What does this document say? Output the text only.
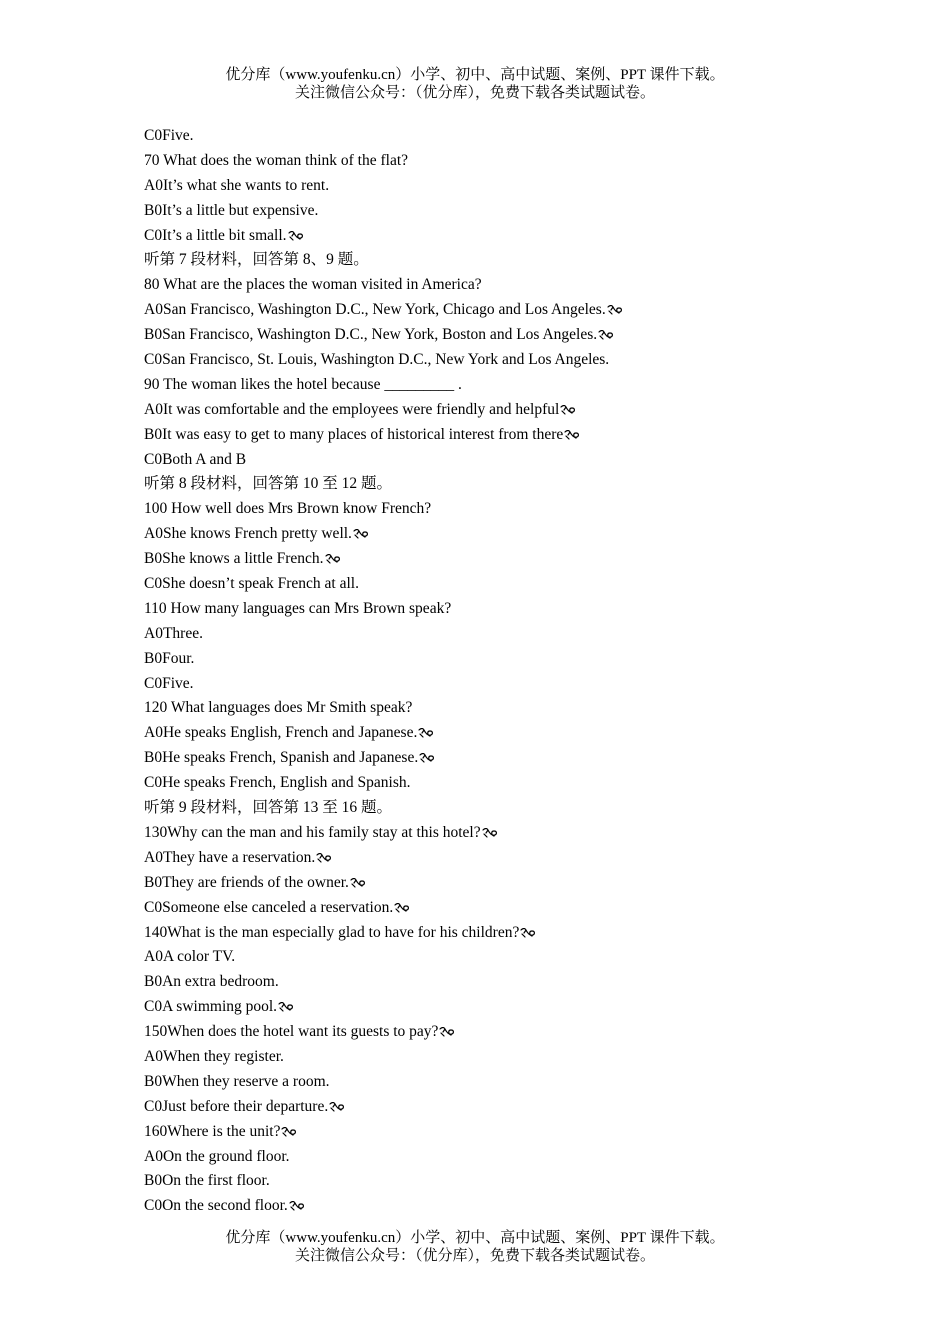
优分库（www.youfenku.cn）小学、初中、高中试题、案例、PPT 课件下载。
关注微信公众号：（优分库），免费下载各类试题试卷。
C0Five.
70 What does the woman think of the flat?
A0It’s what she wants to rent.
B0It’s a little but expensive.
C0It’s a little bit small.
听第 7 段材料，回答第 8、9 题。
80 What are the places the woman visited in America?
A0San Francisco, Washington D.C., New York, Chicago and Los Angeles.
B0San Francisco, Washington D.C., New York, Boston and Los Angeles.
C0San Francisco, St. Louis, Washington D.C., New York and Los Angeles.
90 The woman likes the hotel because _________ .
A0It was comfortable and the employees were friendly and helpful
B0It was easy to get to many places of historical interest from there
C0Both A and B
听第 8 段材料，回答第 10 至 12 题。
100 How well does Mrs Brown know French?
A0She knows French pretty well.
B0She knows a little French.
C0She doesn’t speak French at all.
110 How many languages can Mrs Brown speak?
A0Three.
B0Four.
C0Five.
120 What languages does Mr Smith speak?
A0He speaks English, French and Japanese.
B0He speaks French, Spanish and Japanese.
C0He speaks French, English and Spanish.
听第 9 段材料，回答第 13 至 16 题。
130Why can the man and his family stay at this hotel?
A0They have a reservation.
B0They are friends of the owner.
C0Someone else canceled a reservation.
140What is the man especially glad to have for his children?
A0A color TV.
B0An extra bedroom.
C0A swimming pool.
150When does the hotel want its guests to pay?
A0When they register.
B0When they reserve a room.
C0Just before their departure.
160Where is the unit?
A0On the ground floor.
B0On the first floor.
C0On the second floor.
优分库（www.youfenku.cn）小学、初中、高中试题、案例、PPT 课件下载。
关注微信公众号：（优分库），免费下载各类试题试卷。
